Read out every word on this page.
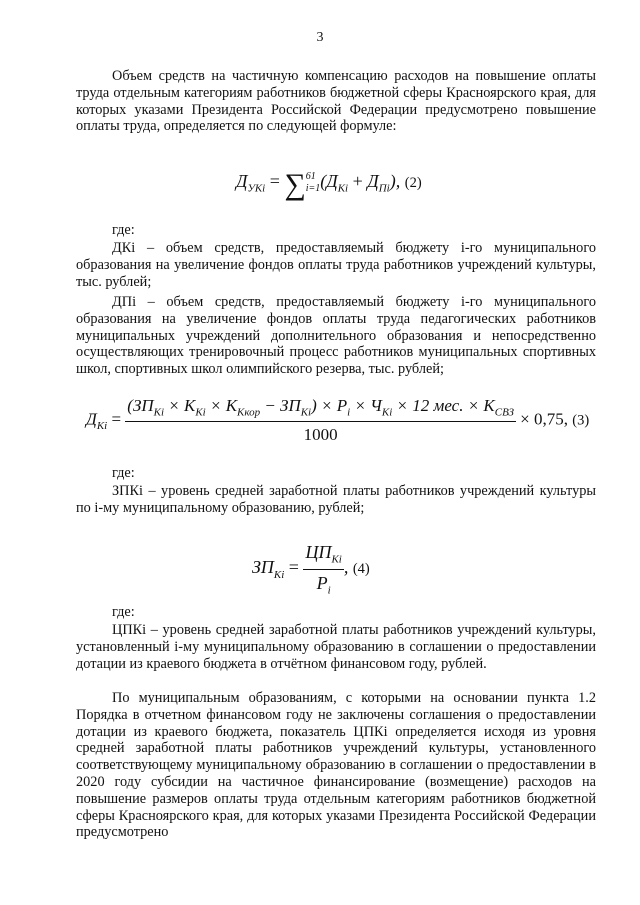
3
Объем средств на частичную компенсацию расходов на повышение оплаты труда отдельным категориям работников бюджетной сферы Красноярского края, для которых указами Президента Российской Федерации предусмотрено повышение оплаты труда, определяется по следующей формуле:
$Д_{УКi}$ = ∑ 61
i=1 $(Д_{Кi} + Д_{Пi})$, (2)
где:
ДКi – объем средств, предоставляемый бюджету i-го муниципального образования на увеличение фондов оплаты труда работников учреждений культуры, тыс. рублей;
ДПi – объем средств, предоставляемый бюджету i-го муниципального образования на увеличение фондов оплаты труда педагогических работников муниципальных учреждений дополнительного образования и непосредственно осуществляющих тренировочный процесс работников муниципальных спортивных школ, спортивных школ олимпийского резерва, тыс. рублей;
$Д_{Кi} = \frac{(ЗП_{Кi} \times K_{Кi} \times K_{Ккор} - ЗП_{Кi}) \times P_i \times Ч_{Кi} \times 12 мес. \times K_{СВЗ}}{1000} \times 0,75$, (3)
где:
ЗПКi – уровень средней заработной платы работников учреждений культуры по i-му муниципальному образованию, рублей;
$ЗП_{Кi} = \frac{ЦП_{Кi}}{P_i}$ , (4)
где:
ЦПКi – уровень средней заработной платы работников учреждений культуры, установленный i-му муниципальному образованию в соглашении о предоставлении дотации из краевого бюджета в отчётном финансовом году, рублей.
По муниципальным образованиям, с которыми на основании пункта 1.2 Порядка в отчетном финансовом году не заключены соглашения о предоставлении дотации из краевого бюджета, показатель ЦПКi определяется исходя из уровня средней заработной платы работников учреждений культуры, установленного соответствующему муниципальному образованию в соглашении о предоставлении в 2020 году субсидии на частичное финансирование (возмещение) расходов на повышение размеров оплаты труда отдельным категориям работников бюджетной сферы Красноярского края, для которых указами Президента Российской Федерации предусмотрено
